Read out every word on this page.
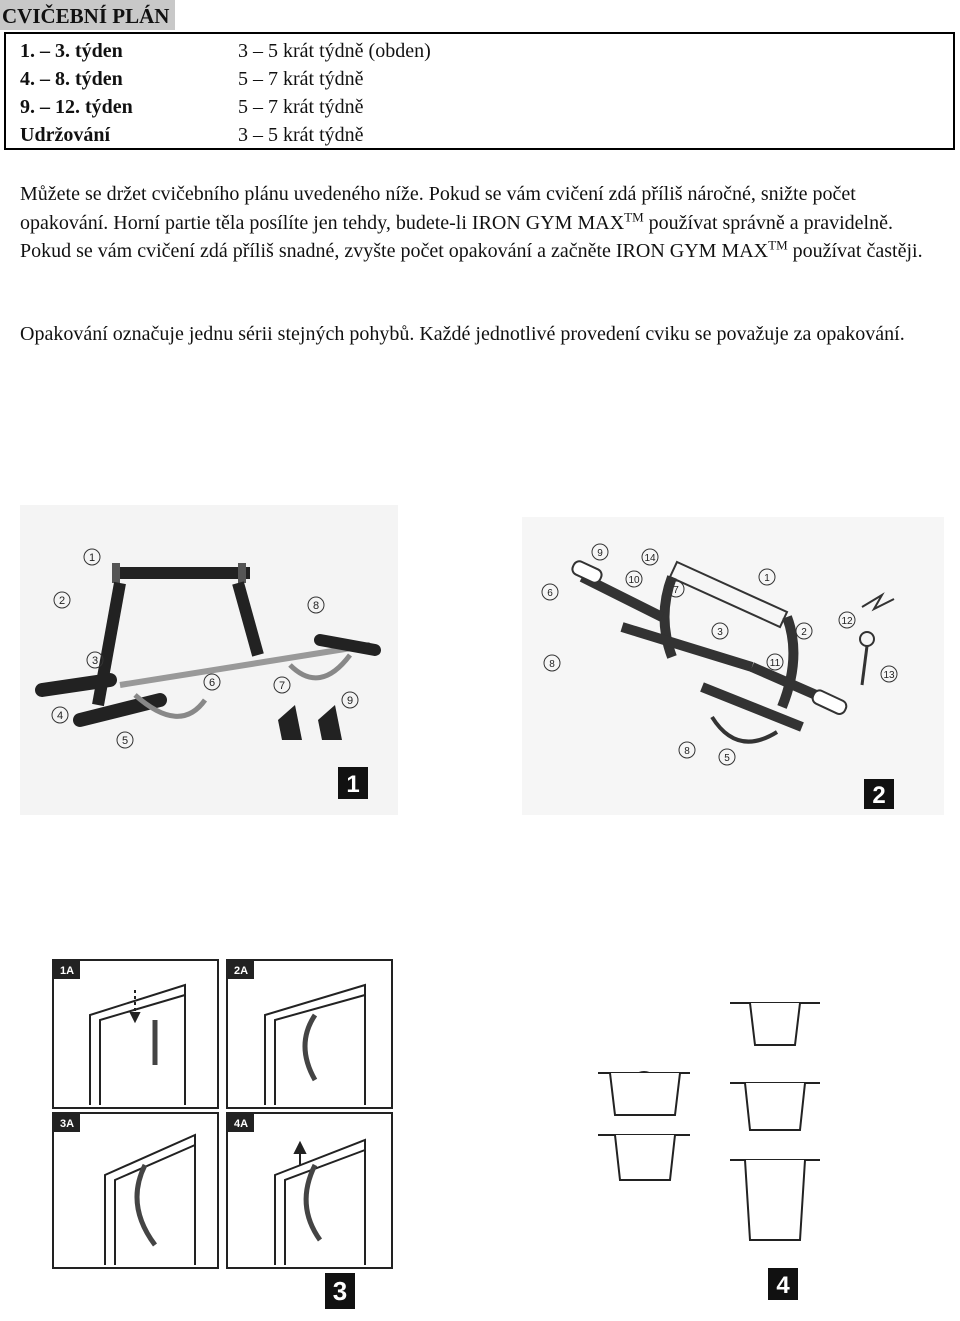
CVIČEBNÍ PLÁN
1. – 3. týden	3 – 5 krát týdně (obden)
4. – 8. týden	5 – 7 krát týdně
9. – 12. týden	5 – 7 krát týdně
Udržování	3 – 5 krát týdně
Můžete se držet cvičebního plánu uvedeného níže. Pokud se vám cvičení zdá příliš náročné, snižte počet opakování. Horní partie těla posílíte jen tehdy, budete-li IRON GYM MAX™ používat správně a pravidelně. Pokud se vám cvičení zdá příliš snadné, zvyšte počet opakování a začněte IRON GYM MAX™ používat častěji.
Opakování označuje jednu sérii stejných pohybů. Každé jednotlivé provedení cviku se považuje za opakování.
1
2
3
4
5
6	7
8
9
1
9	14
10
7
1
6
3	2
11
12
13
8
8
5
2
1A	2A
3A	4A
3	4
